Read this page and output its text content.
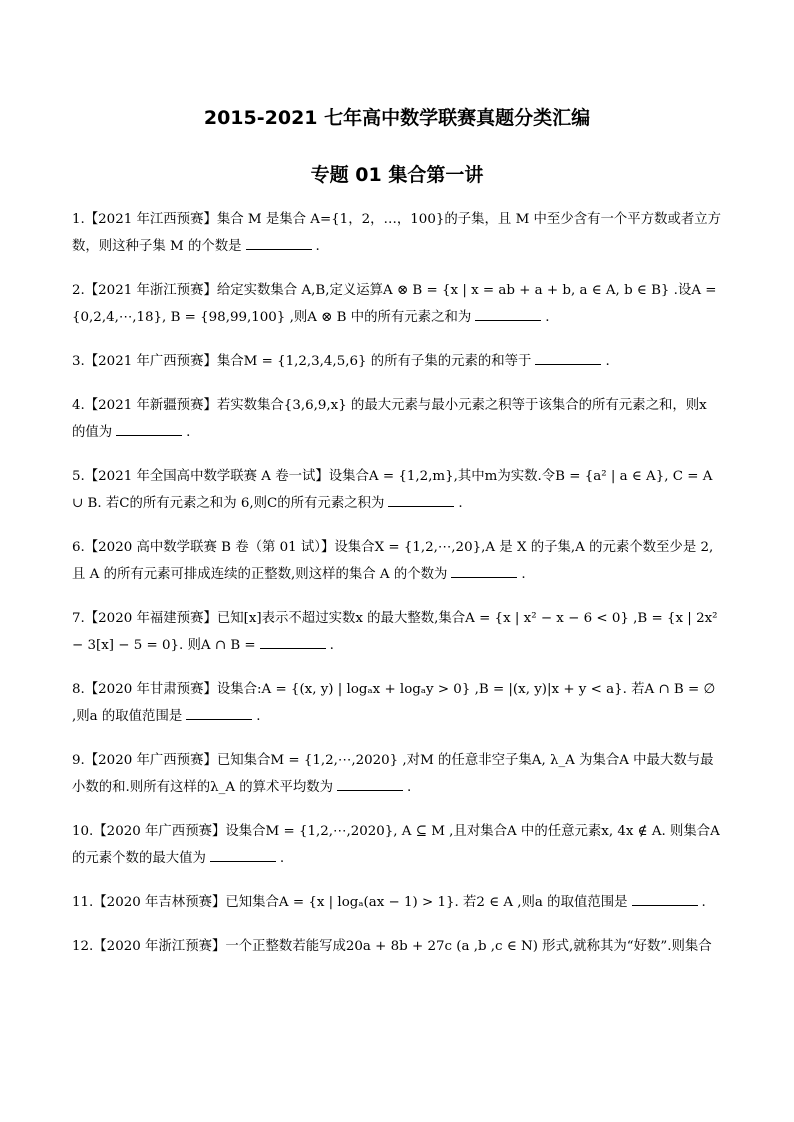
2015-2021 七年高中数学联赛真题分类汇编
专题 01 集合第一讲
1.【2021 年江西预赛】集合 M 是集合 A={1，2，…，100}的子集，且 M 中至少含有一个平方数或者立方数，则这种子集 M 的个数是	.
2.【2021 年浙江预赛】给定实数集合 A,B,定义运算A ⊗ B = {x | x = ab + a + b, a ∈ A, b ∈ B} .设A = {0,2,4,⋯,18}, B = {98,99,100} ,则A ⊗ B 中的所有元素之和为	.
3.【2021 年广西预赛】集合M = {1,2,3,4,5,6} 的所有子集的元素的和等于	.
4.【2021 年新疆预赛】若实数集合{3,6,9,x} 的最大元素与最小元素之积等于该集合的所有元素之和，则x 的值为	.
5.【2021 年全国高中数学联赛 A 卷一试】设集合A = {1,2,m},其中m为实数.令B = {a² | a ∈ A}, C = A ∪ B. 若C的所有元素之和为 6,则C的所有元素之积为	.
6.【2020 高中数学联赛 B 卷（第 01 试）】设集合X = {1,2,⋯,20},A 是 X 的子集,A 的元素个数至少是 2,且 A 的所有元素可排成连续的正整数,则这样的集合 A 的个数为	.
7.【2020 年福建预赛】已知[x]表示不超过实数x 的最大整数,集合A = {x | x² − x − 6 < 0} ,B = {x | 2x² − 3[x] − 5 = 0}. 则A ∩ B =	.
8.【2020 年甘肃预赛】设集合:A = {(x, y) | logₐx + logₐy > 0} ,B = |(x, y)|x + y < a}. 若A ∩ B = ∅ ,则a 的取值范围是	.
9.【2020 年广西预赛】已知集合M = {1,2,⋯,2020} ,对M 的任意非空子集A, λ_A 为集合A 中最大数与最小数的和.则所有这样的λ_A 的算术平均数为	.
10.【2020 年广西预赛】设集合M = {1,2,⋯,2020}, A ⊆ M ,且对集合A 中的任意元素x, 4x ∉ A. 则集合A 的元素个数的最大值为	.
11.【2020 年吉林预赛】已知集合A = {x | logₐ(ax − 1) > 1}. 若2 ∈ A ,则a 的取值范围是	.
12.【2020 年浙江预赛】一个正整数若能写成20a + 8b + 27c (a ,b ,c ∈ N) 形式,就称其为“好数”.则集合
